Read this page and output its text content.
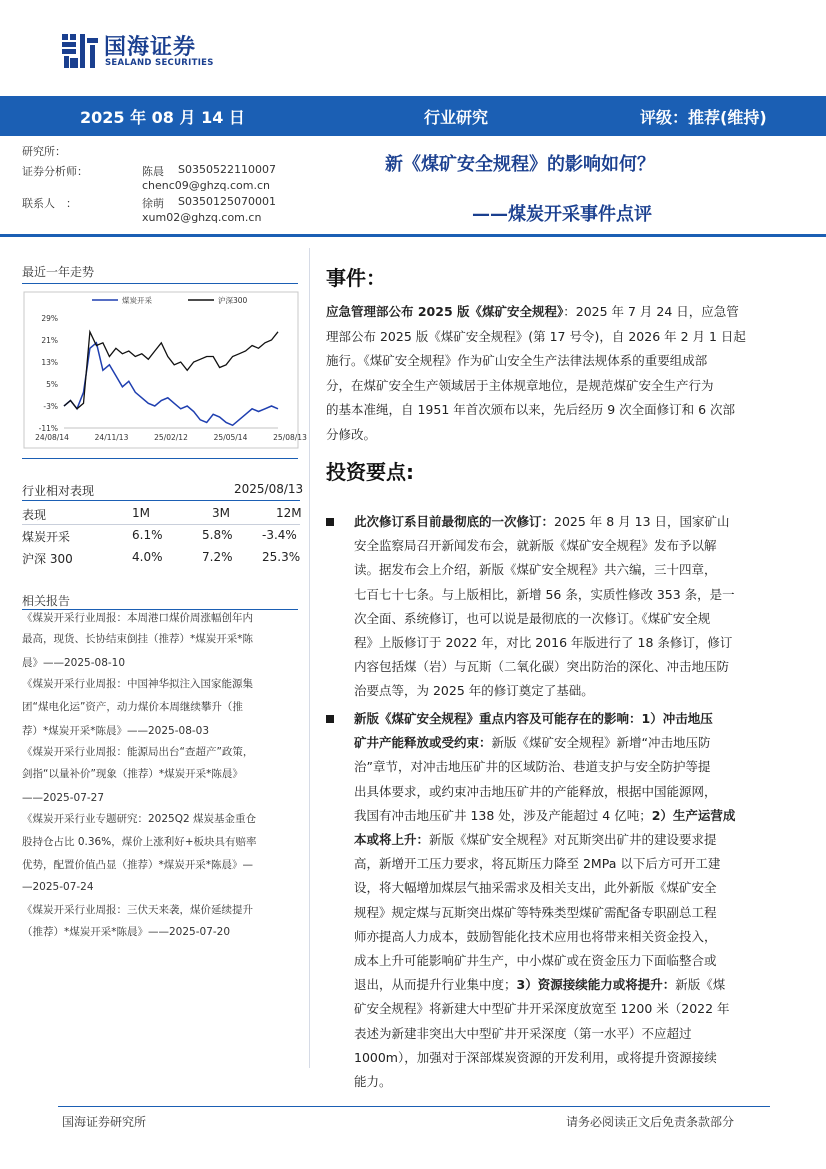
国海证券
SEALAND SECURITIES
2025 年 08 月 14 日	行业研究	评级：推荐(维持)
研究所：
证券分析师：	陈晨 S0350522110007
chenc09@ghzq.com.cn
联系人　：	徐萌 S0350125070001
xum02@ghzq.com.cn
新《煤矿安全规程》的影响如何？
——煤炭开采事件点评
最近一年走势
煤炭开采	沪深300
29%
21%
13%
5%
-3%
-11%
24/08/14	24/11/13	25/02/12	25/05/14	25/08/13
行业相对表现	2025/08/13
表现	1M	3M	12M
煤炭开采	6.1%	5.8% -3.4%
沪深 300	4.0%	7.2% 25.3%
相关报告
《煤炭开采行业周报：本周港口煤价周涨幅创年内
最高，现货、长协结束倒挂（推荐）*煤炭开采*陈
晨》——2025-08-10
《煤炭开采行业周报：中国神华拟注入国家能源集
团“煤电化运”资产，动力煤价本周继续攀升（推
荐）*煤炭开采*陈晨》——2025-08-03
《煤炭开采行业周报：能源局出台“查超产”政策，
剑指“以量补价”现象（推荐）*煤炭开采*陈晨》
——2025-07-27
《煤炭开采行业专题研究：2025Q2 煤炭基金重仓
股持仓占比 0.36%，煤价上涨利好+板块具有赔率
优势，配置价值凸显（推荐）*煤炭开采*陈晨》—
—2025-07-24
《煤炭开采行业周报：三伏天来袭，煤价延续提升
（推荐）*煤炭开采*陈晨》——2025-07-20
事件：
应急管理部公布 2025 版《煤矿安全规程》：2025 年 7 月 24 日，应急管
理部公布 2025 版《煤矿安全规程》(第 17 号令)，自 2026 年 2 月 1 日起
施行。《煤矿安全规程》作为矿山安全生产法律法规体系的重要组成部
分，在煤矿安全生产领域居于主体规章地位，是规范煤矿安全生产行为
的基本准绳，自 1951 年首次颁布以来，先后经历 9 次全面修订和 6 次部
分修改。
投资要点:
此次修订系目前最彻底的一次修订：2025 年 8 月 13 日，国家矿山
安全监察局召开新闻发布会，就新版《煤矿安全规程》发布予以解
读。据发布会上介绍，新版《煤矿安全规程》共六编，三十四章，
七百七十七条。与上版相比，新增 56 条，实质性修改 353 条，是一
次全面、系统修订，也可以说是最彻底的一次修订。《煤矿安全规
程》上版修订于 2022 年，对比 2016 年版进行了 18 条修订，修订
内容包括煤（岩）与瓦斯（二氧化碳）突出防治的深化、冲击地压防
治要点等，为 2025 年的修订奠定了基础。
新版《煤矿安全规程》重点内容及可能存在的影响：1）冲击地压
矿井产能释放或受约束：新版《煤矿安全规程》新增“冲击地压防
治”章节，对冲击地压矿井的区域防治、巷道支护与安全防护等提
出具体要求，或约束冲击地压矿井的产能释放，根据中国能源网，
我国有冲击地压矿井 138 处，涉及产能超过 4 亿吨；2）生产运营成
本或将上升：新版《煤矿安全规程》对瓦斯突出矿井的建设要求提
高，新增开工压力要求，将瓦斯压力降至 2MPa 以下后方可开工建
设，将大幅增加煤层气抽采需求及相关支出，此外新版《煤矿安全
规程》规定煤与瓦斯突出煤矿等特殊类型煤矿需配备专职副总工程
师亦提高人力成本，鼓励智能化技术应用也将带来相关资金投入，
成本上升可能影响矿井生产，中小煤矿或在资金压力下面临整合或
退出，从而提升行业集中度；3）资源接续能力或将提升：新版《煤
矿安全规程》将新建大中型矿井开采深度放宽至 1200 米（2022 年
表述为新建非突出大中型矿井开采深度（第一水平）不应超过
1000m），加强对于深部煤炭资源的开发利用，或将提升资源接续
能力。
国海证券研究所	请务必阅读正文后免责条款部分
